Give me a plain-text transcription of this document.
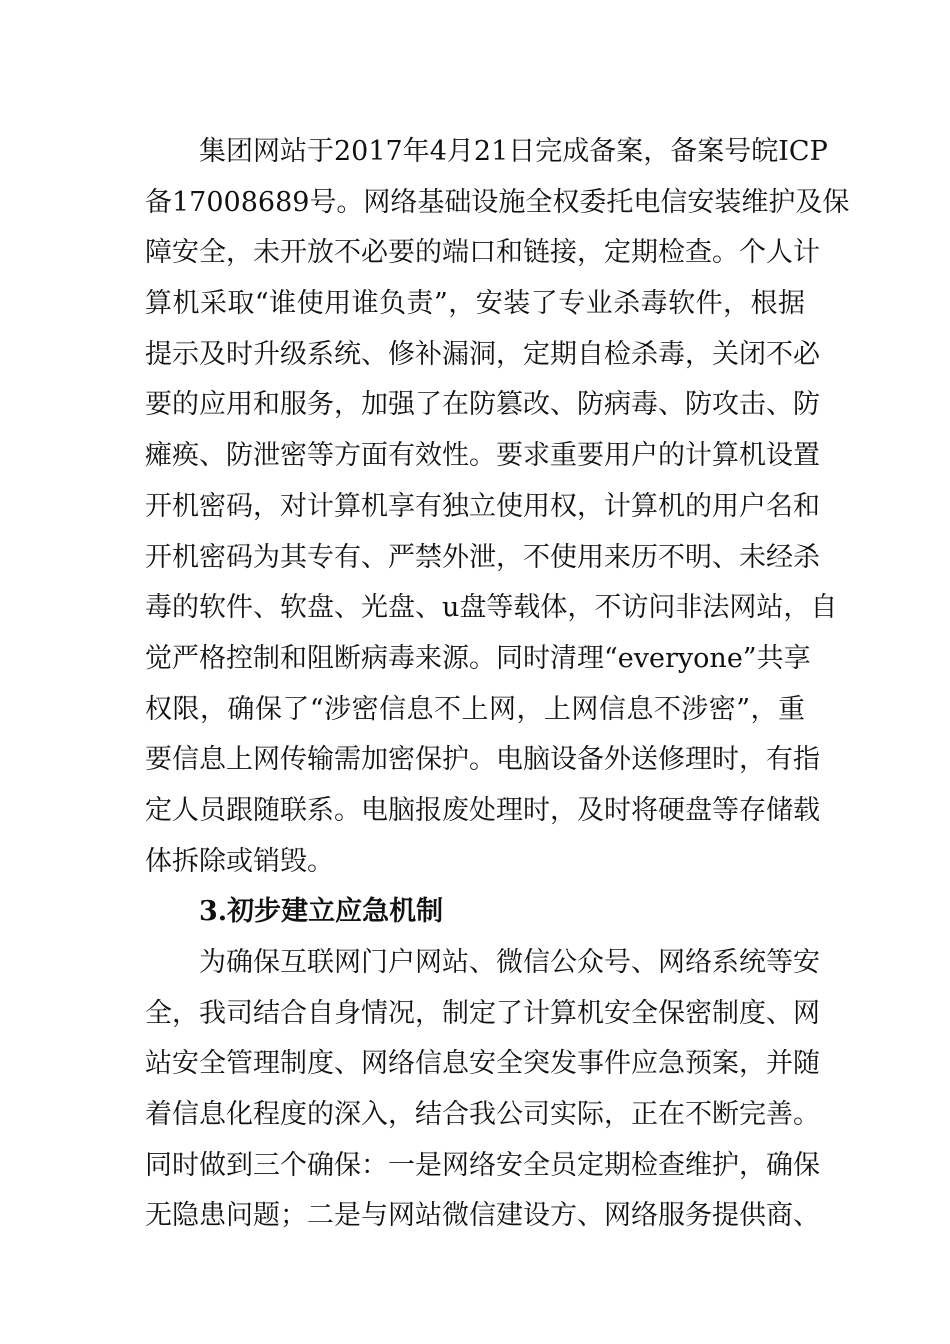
集团网站于2017年4月21日完成备案，备案号皖ICP
备17008689号。网络基础设施全权委托电信安装维护及保
障安全，未开放不必要的端口和链接，定期检查。个人计
算机采取“谁使用谁负责”，安装了专业杀毒软件，根据
提示及时升级系统、修补漏洞，定期自检杀毒，关闭不必
要的应用和服务，加强了在防篡改、防病毒、防攻击、防
瘫痪、防泄密等方面有效性。要求重要用户的计算机设置
开机密码，对计算机享有独立使用权，计算机的用户名和
开机密码为其专有、严禁外泄，不使用来历不明、未经杀
毒的软件、软盘、光盘、u盘等载体，不访问非法网站，自
觉严格控制和阻断病毒来源。同时清理“everyone”共享
权限，确保了“涉密信息不上网，上网信息不涉密”，重
要信息上网传输需加密保护。电脑设备外送修理时，有指
定人员跟随联系。电脑报废处理时，及时将硬盘等存储载
体拆除或销毁。
3.初步建立应急机制
为确保互联网门户网站、微信公众号、网络系统等安
全，我司结合自身情况，制定了计算机安全保密制度、网
站安全管理制度、网络信息安全突发事件应急预案，并随
着信息化程度的深入，结合我公司实际，正在不断完善。
同时做到三个确保：一是网络安全员定期检查维护，确保
无隐患问题；二是与网站微信建设方、网络服务提供商、
